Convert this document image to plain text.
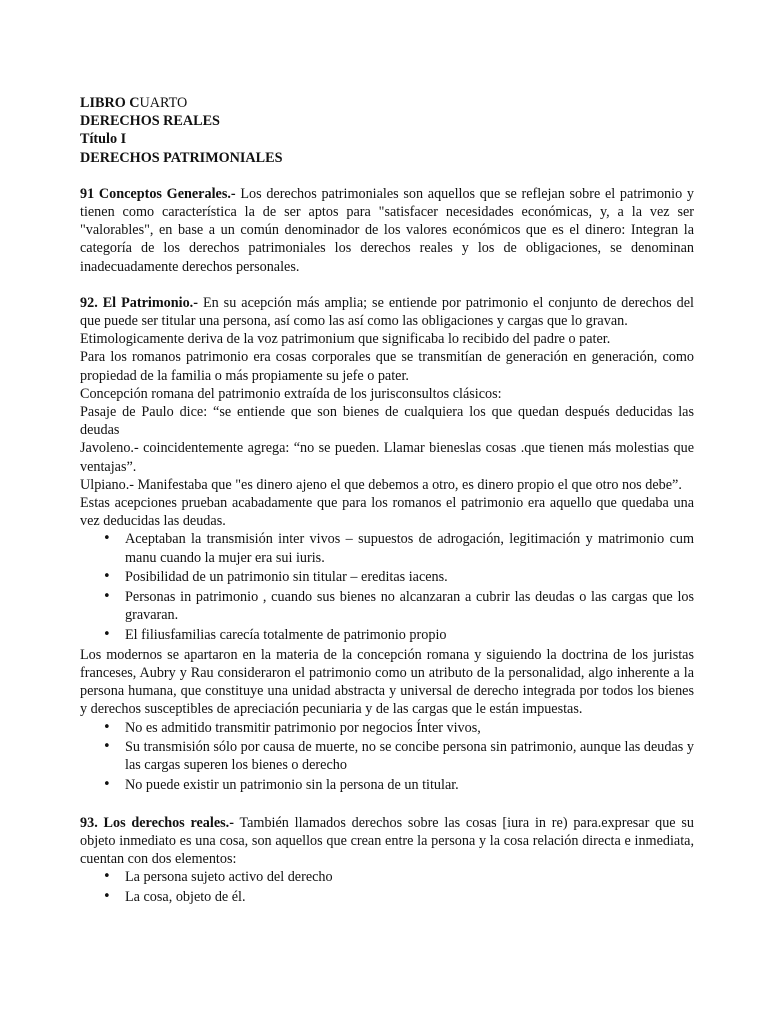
LIBRO CUARTO
DERECHOS REALES
Título I
DERECHOS PATRIMONIALES

91 Conceptos Generales.- Los derechos patrimoniales son aquellos que se reflejan sobre el patrimonio y tienen como característica la de ser aptos para "satisfacer necesidades económicas, y, a la vez ser "valorables", en base a un común denominador de los valores económicos que es el dinero: Integran la categoría de los derechos patrimoniales los derechos reales y los de obligaciones, se denominan inadecuadamente derechos personales.

92. El Patrimonio.- En su acepción más amplia; se entiende por patrimonio el conjunto de derechos del que puede ser titular una persona, así como las así como las obligaciones y cargas que lo gravan.

Etimologicamente deriva de la voz patrimonium que significaba lo recibido del padre o pater.

Para los romanos patrimonio era cosas corporales que se transmitían de generación en generación, como propiedad de la familia o más propiamente su jefe o pater.

Concepción romana del patrimonio extraída de los jurisconsultos clásicos:

Pasaje de Paulo dice: “se entiende que son bienes de cualquiera los que quedan después deducidas las deudas

Javoleno.- coincidentemente agrega: “no se pueden. Llamar bieneslas cosas .que tienen más molestias que ventajas”.

Ulpiano.- Manifestaba que "es dinero ajeno el que debemos a otro, es dinero propio el que otro nos debe”.

Estas acepciones prueban acabadamente que para los romanos el patrimonio era aquello que quedaba una vez deducidas las deudas.

• Aceptaban la transmisión inter vivos – supuestos de adrogación, legitimación y matrimonio cum manu cuando la mujer era sui iuris.
• Posibilidad de un patrimonio sin titular – ereditas iacens.
• Personas in patrimonio , cuando sus bienes no alcanzaran a cubrir las deudas o las cargas que los gravaran.
• El filiusfamilias carecía totalmente de patrimonio propio

Los modernos se apartaron en la materia de la concepción romana y siguiendo la doctrina de los juristas franceses, Aubry y Rau consideraron el patrimonio como un atributo de la personalidad, algo inherente a la persona humana, que constituye una unidad abstracta y universal de derecho integrada por todos los bienes y derechos susceptibles de apreciación pecuniaria y de las cargas que le están impuestas.

• No es admitido transmitir patrimonio por negocios Ínter vivos,
• Su transmisión sólo por causa de muerte, no se concibe persona sin patrimonio, aunque las deudas y las cargas superen los bienes o derecho
• No puede existir un patrimonio sin la persona de un titular.

93. Los derechos reales.- También llamados derechos sobre las cosas [iura in re) para.expresar que su objeto inmediato es una cosa, son aquellos que crean entre la persona y la cosa relación directa e inmediata, cuentan con dos elementos:

• La persona sujeto activo del derecho
• La cosa, objeto de él.
